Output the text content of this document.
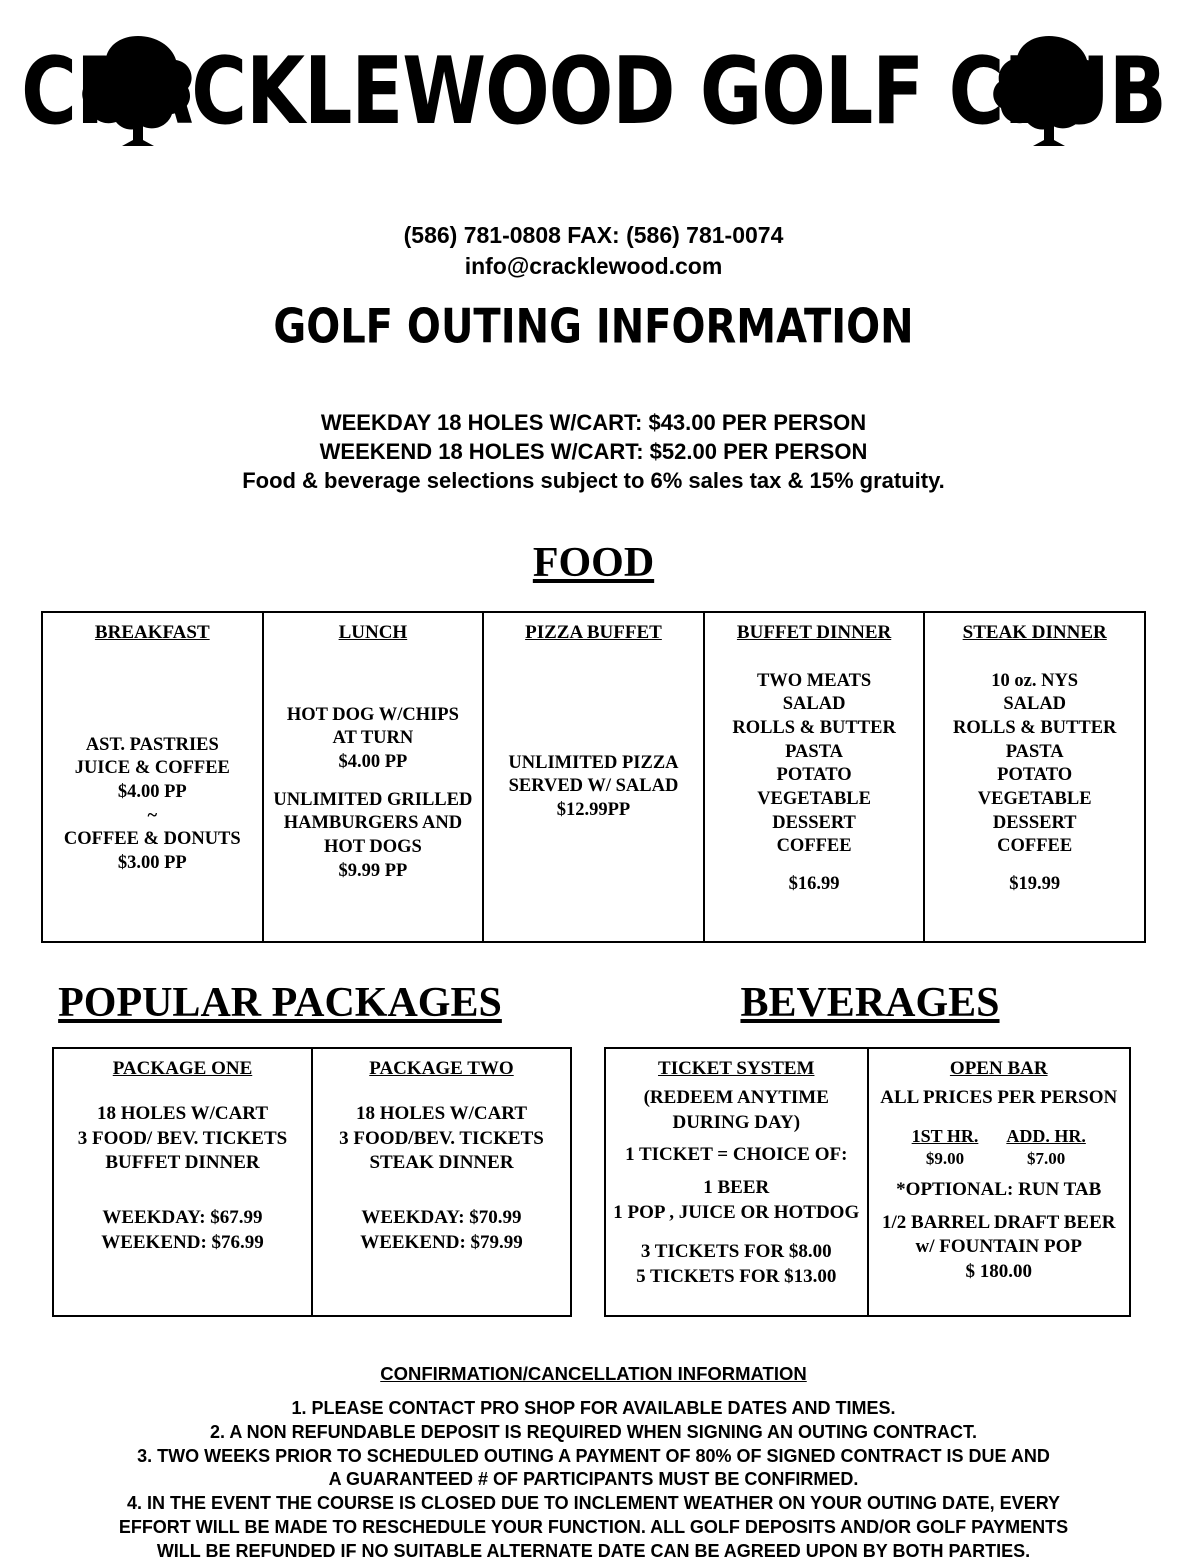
CRACKLEWOOD GOLF CLUB
(586) 781-0808 FAX: (586) 781-0074
info@cracklewood.com
GOLF OUTING INFORMATION
WEEKDAY 18 HOLES W/CART: $43.00 PER PERSON
WEEKEND 18 HOLES W/CART: $52.00 PER PERSON
Food & beverage selections subject to 6% sales tax & 15% gratuity.
FOOD
BREAKFAST
AST. PASTRIES
JUICE & COFFEE
$4.00 PP
~
COFFEE & DONUTS
$3.00 PP

LUNCH
HOT DOG W/CHIPS
AT TURN
$4.00 PP
UNLIMITED GRILLED
HAMBURGERS AND
HOT DOGS
$9.99 PP

PIZZA BUFFET
UNLIMITED PIZZA
SERVED W/ SALAD
$12.99PP

BUFFET DINNER
TWO MEATS
SALAD
ROLLS & BUTTER
PASTA
POTATO
VEGETABLE
DESSERT
COFFEE
$16.99

STEAK DINNER
10 oz. NYS
SALAD
ROLLS & BUTTER
PASTA
POTATO
VEGETABLE
DESSERT
COFFEE
$19.99
POPULAR PACKAGES	BEVERAGES
PACKAGE ONE
18 HOLES W/CART
3 FOOD/ BEV. TICKETS
BUFFET DINNER
WEEKDAY: $67.99
WEEKEND: $76.99

PACKAGE TWO
18 HOLES W/CART
3 FOOD/BEV. TICKETS
STEAK DINNER
WEEKDAY: $70.99
WEEKEND: $79.99
TICKET SYSTEM
(REDEEM ANYTIME
DURING DAY)
1 TICKET = CHOICE OF:
1 BEER
1 POP , JUICE OR HOTDOG
3 TICKETS FOR $8.00
5 TICKETS FOR $13.00

OPEN BAR
ALL PRICES PER PERSON
1ST HR.
$9.00
ADD. HR.
$7.00
*OPTIONAL: RUN TAB
1/2 BARREL DRAFT BEER
w/ FOUNTAIN POP
$ 180.00
CONFIRMATION/CANCELLATION INFORMATION
1. PLEASE CONTACT PRO SHOP FOR AVAILABLE DATES AND TIMES.
2. A NON REFUNDABLE DEPOSIT IS REQUIRED WHEN SIGNING AN OUTING CONTRACT.
3. TWO WEEKS PRIOR TO SCHEDULED OUTING A PAYMENT OF 80% OF SIGNED CONTRACT IS DUE AND
A GUARANTEED # OF PARTICIPANTS MUST BE CONFIRMED.
4. IN THE EVENT THE COURSE IS CLOSED DUE TO INCLEMENT WEATHER ON YOUR OUTING DATE, EVERY
EFFORT WILL BE MADE TO RESCHEDULE YOUR FUNCTION. ALL GOLF DEPOSITS AND/OR GOLF PAYMENTS
WILL BE REFUNDED IF NO SUITABLE ALTERNATE DATE CAN BE AGREED UPON BY BOTH PARTIES.
